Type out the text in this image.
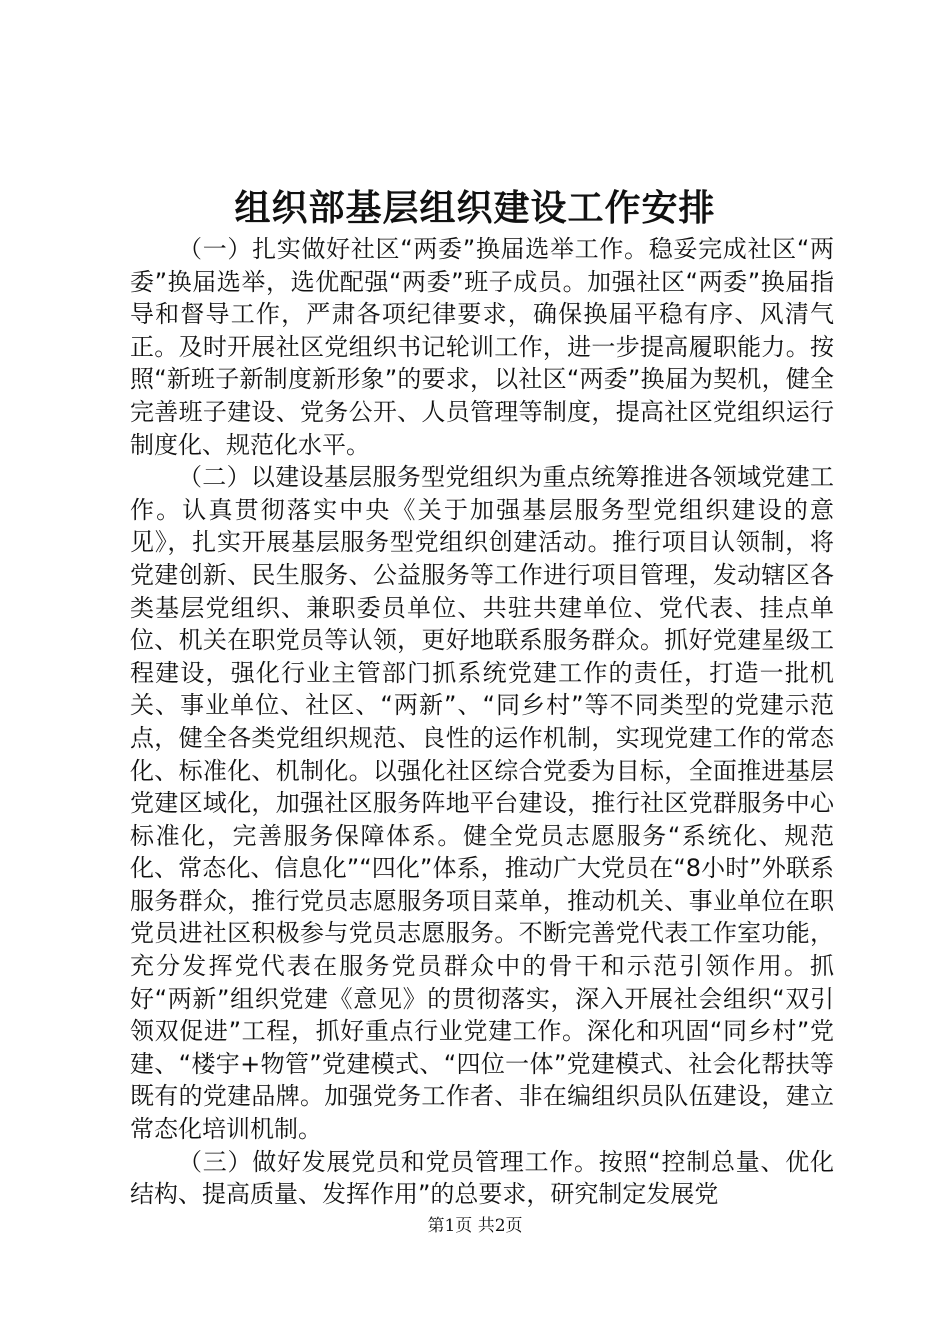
组织部基层组织建设工作安排

（一）扎实做好社区“两委”换届选举工作。稳妥完成社区“两委”换届选举，选优配强“两委”班子成员。加强社区“两委”换届指导和督导工作，严肃各项纪律要求，确保换届平稳有序、风清气正。及时开展社区党组织书记轮训工作，进一步提高履职能力。按照“新班子新制度新形象”的要求，以社区“两委”换届为契机，健全完善班子建设、党务公开、人员管理等制度，提高社区党组织运行制度化、规范化水平。

（二）以建设基层服务型党组织为重点统筹推进各领域党建工作。认真贯彻落实中央《关于加强基层服务型党组织建设的意见》，扎实开展基层服务型党组织创建活动。推行项目认领制，将党建创新、民生服务、公益服务等工作进行项目管理，发动辖区各类基层党组织、兼职委员单位、共驻共建单位、党代表、挂点单位、机关在职党员等认领，更好地联系服务群众。抓好党建星级工程建设，强化行业主管部门抓系统党建工作的责任，打造一批机关、事业单位、社区、“两新”、“同乡村”等不同类型的党建示范点，健全各类党组织规范、良性的运作机制，实现党建工作的常态化、标准化、机制化。以强化社区综合党委为目标，全面推进基层党建区域化，加强社区服务阵地平台建设，推行社区党群服务中心标准化，完善服务保障体系。健全党员志愿服务“系统化、规范化、常态化、信息化”“四化”体系，推动广大党员在“8小时”外联系服务群众，推行党员志愿服务项目菜单，推动机关、事业单位在职党员进社区积极参与党员志愿服务。不断完善党代表工作室功能，充分发挥党代表在服务党员群众中的骨干和示范引领作用。抓好“两新”组织党建《意见》的贯彻落实，深入开展社会组织“双引领双促进”工程，抓好重点行业党建工作。深化和巩固“同乡村”党建、“楼宇+物管”党建模式、“四位一体”党建模式、社会化帮扶等既有的党建品牌。加强党务工作者、非在编组织员队伍建设，建立常态化培训机制。

（三）做好发展党员和党员管理工作。按照“控制总量、优化结构、提高质量、发挥作用”的总要求，研究制定发展党

第1页 共2页
